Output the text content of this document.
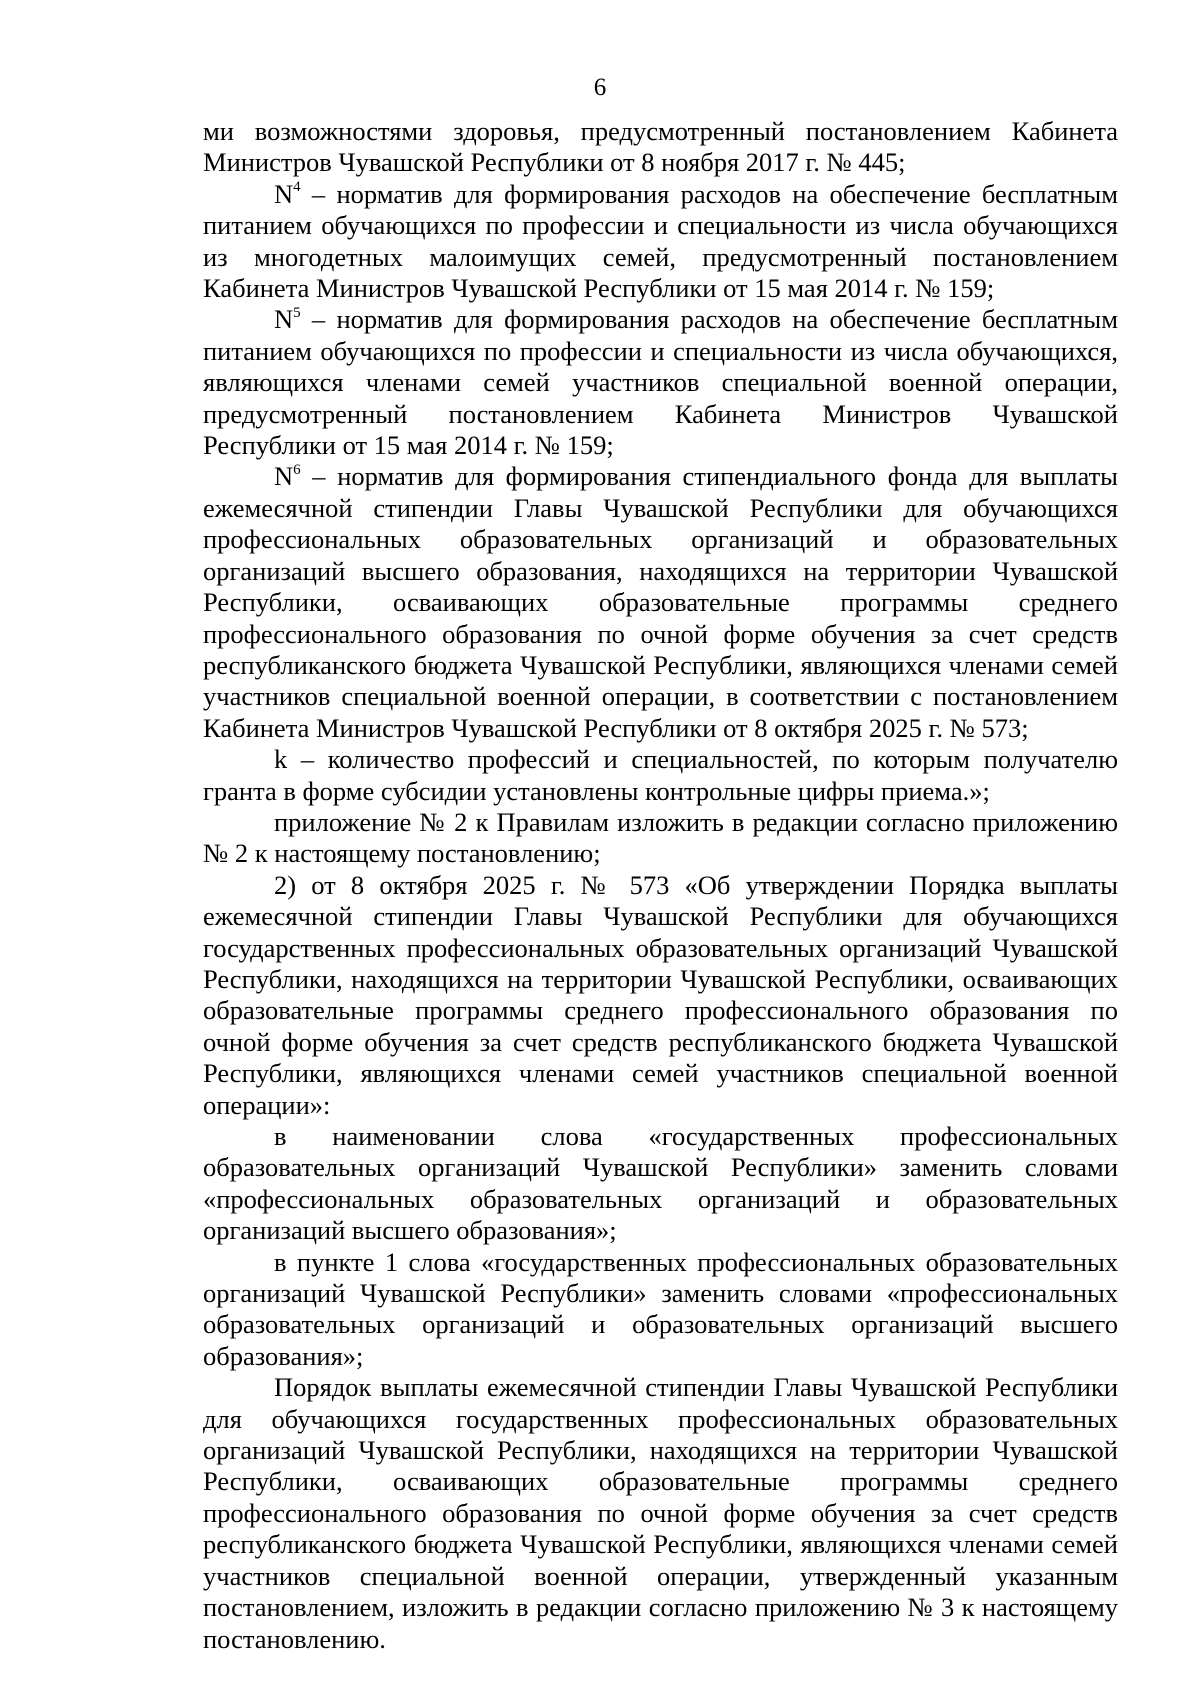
6

ми возможностями здоровья, предусмотренный постановлением Кабинета Министров Чувашской Республики от 8 ноября 2017 г. № 445;

$N^4$ – норматив для формирования расходов на обеспечение бесплатным питанием обучающихся по профессии и специальности из числа обучающихся из многодетных малоимущих семей, предусмотренный постановлением Кабинета Министров Чувашской Республики от 15 мая 2014 г. № 159;

$N^5$ – норматив для формирования расходов на обеспечение бесплатным питанием обучающихся по профессии и специальности из числа обучающихся, являющихся членами семей участников специальной военной операции, предусмотренный постановлением Кабинета Министров Чувашской Республики от 15 мая 2014 г. № 159;

$N^6$ – норматив для формирования стипендиального фонда для выплаты ежемесячной стипендии Главы Чувашской Республики для обучающихся профессиональных образовательных организаций и образовательных организаций высшего образования, находящихся на территории Чувашской Республики, осваивающих образовательные программы среднего профессионального образования по очной форме обучения за счет средств республиканского бюджета Чувашской Республики, являющихся членами семей участников специальной военной операции, в соответствии с постановлением Кабинета Министров Чувашской Республики от 8 октября 2025 г. № 573;

k – количество профессий и специальностей, по которым получателю гранта в форме субсидии установлены контрольные цифры приема.»;

приложение № 2 к Правилам изложить в редакции согласно приложению № 2 к настоящему постановлению;

2) от 8 октября 2025 г. № 573 «Об утверждении Порядка выплаты ежемесячной стипендии Главы Чувашской Республики для обучающихся государственных профессиональных образовательных организаций Чувашской Республики, находящихся на территории Чувашской Республики, осваивающих образовательные программы среднего профессионального образования по очной форме обучения за счет средств республиканского бюджета Чувашской Республики, являющихся членами семей участников специальной военной операции»:

в наименовании слова «государственных профессиональных образовательных организаций Чувашской Республики» заменить словами «профессиональных образовательных организаций и образовательных организаций высшего образования»;

в пункте 1 слова «государственных профессиональных образовательных организаций Чувашской Республики» заменить словами «профессиональных образовательных организаций и образовательных организаций высшего образования»;

Порядок выплаты ежемесячной стипендии Главы Чувашской Республики для обучающихся государственных профессиональных образовательных организаций Чувашской Республики, находящихся на территории Чувашской Республики, осваивающих образовательные программы среднего профессионального образования по очной форме обучения за счет средств республиканского бюджета Чувашской Республики, являющихся членами семей участников специальной военной операции, утвержденный указанным постановлением, изложить в редакции согласно приложению № 3 к настоящему постановлению.
